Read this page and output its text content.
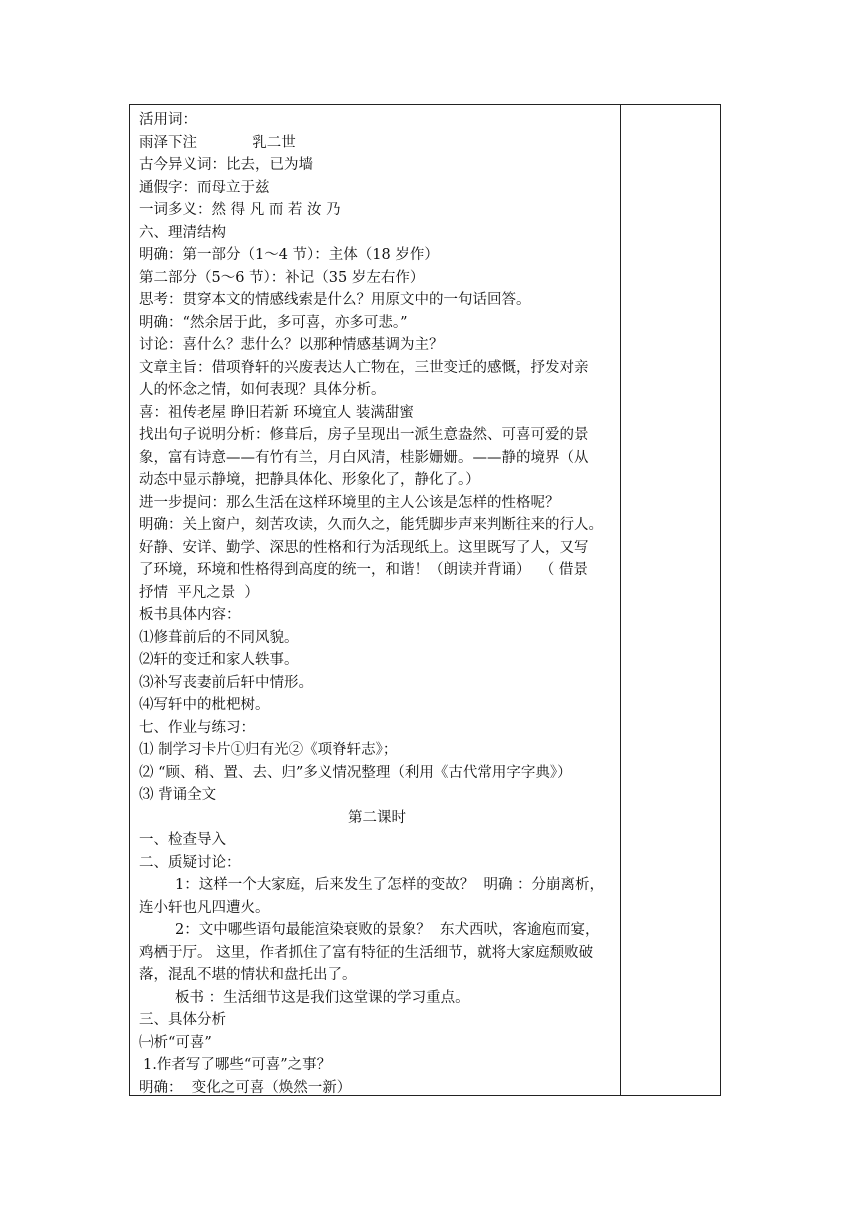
活用词：
雨泽下注            乳二世
古今异义词：比去，已为墙
通假字：而母立于兹
一词多义：然 得 凡 而 若 汝 乃
六、理清结构
明确：第一部分（1～4 节）：主体（18 岁作）
第二部分（5～6 节）：补记（35 岁左右作）
思考：贯穿本文的情感线索是什么？用原文中的一句话回答。
明确：“然余居于此，多可喜，亦多可悲。”
讨论：喜什么？悲什么？以那种情感基调为主？
文章主旨：借项脊轩的兴废表达人亡物在，三世变迁的感慨，抒发对亲
人的怀念之情，如何表现？具体分析。
喜：祖传老屋 睁旧若新 环境宜人 装满甜蜜
找出句子说明分析：修葺后，房子呈现出一派生意盎然、可喜可爱的景
象，富有诗意——有竹有兰，月白风清，桂影姗姗。——静的境界（从
动态中显示静境，把静具体化、形象化了，静化了。）
进一步提问：那么生活在这样环境里的主人公该是怎样的性格呢？
明确：关上窗户，刻苦攻读，久而久之，能凭脚步声来判断往来的行人。
好静、安详、勤学、深思的性格和行为活现纸上。这里既写了人，又写
了环境，环境和性格得到高度的统一，和谐！（朗读并背诵）  （ 借景
抒情  平凡之景  ）
板书具体内容：
⑴修葺前后的不同风貌。
⑵轩的变迁和家人轶事。
⑶补写丧妻前后轩中情形。
⑷写轩中的枇杷树。
七、作业与练习：
⑴ 制学习卡片①归有光②《项脊轩志》；
⑵ “顾、稍、置、去、归”多义情况整理（利用《古代常用字字典》）
⑶ 背诵全文
第二课时
一、检查导入
二、质疑讨论：
1：这样一个大家庭，后来发生了怎样的变故？  明确 ：分崩离析，
连小轩也凡四遭火。
2：文中哪些语句最能渲染衰败的景象？  东犬西吠，客逾庖而宴，
鸡栖于厅。 这里，作者抓住了富有特征的生活细节，就将大家庭颓败破
落，混乱不堪的情状和盘托出了。
板书 ：生活细节这是我们这堂课的学习重点。
三、具体分析
㈠析“可喜”
1.作者写了哪些“可喜”之事？
明确：  变化之可喜（焕然一新）
